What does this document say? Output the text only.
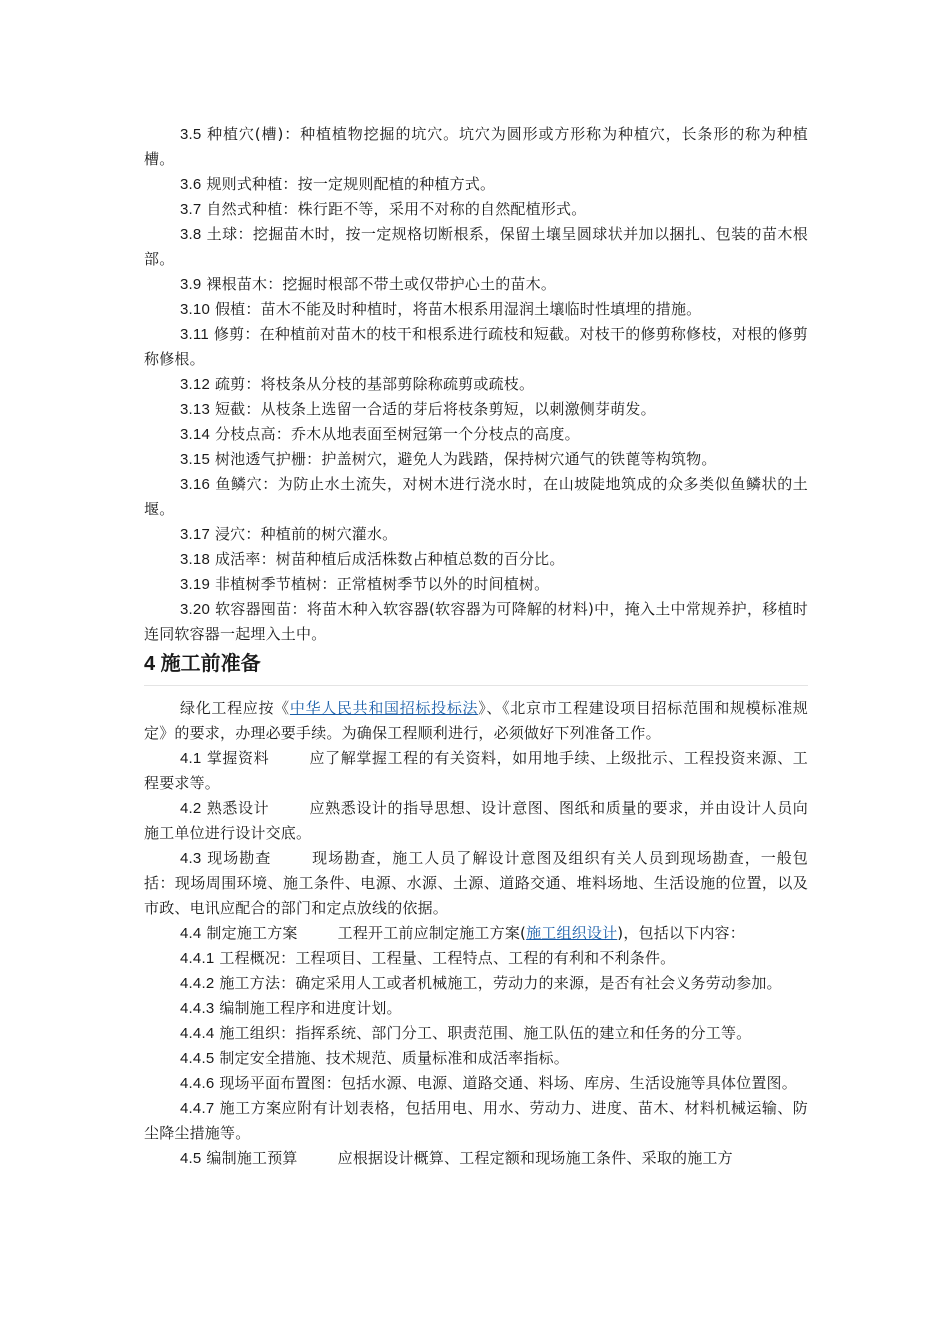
3.5 种植穴(槽)：种植植物挖掘的坑穴。坑穴为圆形或方形称为种植穴，长条形的称为种植槽。

3.6 规则式种植：按一定规则配植的种植方式。

3.7 自然式种植：株行距不等，采用不对称的自然配植形式。

3.8 土球：挖掘苗木时，按一定规格切断根系，保留土壤呈圆球状并加以捆扎、包装的苗木根部。

3.9 裸根苗木：挖掘时根部不带土或仅带护心土的苗木。

3.10 假植：苗木不能及时种植时，将苗木根系用湿润土壤临时性填埋的措施。

3.11 修剪：在种植前对苗木的枝干和根系进行疏枝和短截。对枝干的修剪称修枝，对根的修剪称修根。

3.12 疏剪：将枝条从分枝的基部剪除称疏剪或疏枝。

3.13 短截：从枝条上选留一合适的芽后将枝条剪短，以刺激侧芽萌发。

3.14 分枝点高：乔木从地表面至树冠第一个分枝点的高度。

3.15 树池透气护栅：护盖树穴，避免人为践踏，保持树穴通气的铁蓖等构筑物。

3.16 鱼鳞穴：为防止水土流失，对树木进行浇水时，在山坡陡地筑成的众多类似鱼鳞状的土堰。

3.17 浸穴：种植前的树穴灌水。

3.18 成活率：树苗种植后成活株数占种植总数的百分比。

3.19 非植树季节植树：正常植树季节以外的时间植树。

3.20 软容器囤苗：将苗木种入软容器(软容器为可降解的材料)中，掩入土中常规养护，移植时连同软容器一起埋入土中。

4 施工前准备

绿化工程应按《中华人民共和国招标投标法》、《北京市工程建设项目招标范围和规模标准规定》的要求，办理必要手续。为确保工程顺利进行，必须做好下列准备工作。

4.1 掌握资料	应了解掌握工程的有关资料，如用地手续、上级批示、工程投资来源、工程要求等。

4.2 熟悉设计	应熟悉设计的指导思想、设计意图、图纸和质量的要求，并由设计人员向施工单位进行设计交底。

4.3 现场勘查	现场勘查，施工人员了解设计意图及组织有关人员到现场勘查，一般包括：现场周围环境、施工条件、电源、水源、土源、道路交通、堆料场地、生活设施的位置，以及市政、电讯应配合的部门和定点放线的依据。

4.4 制定施工方案	工程开工前应制定施工方案(施工组织设计)，包括以下内容：

4.4.1 工程概况：工程项目、工程量、工程特点、工程的有利和不利条件。

4.4.2 施工方法：确定采用人工或者机械施工，劳动力的来源，是否有社会义务劳动参加。

4.4.3 编制施工程序和进度计划。

4.4.4 施工组织：指挥系统、部门分工、职责范围、施工队伍的建立和任务的分工等。

4.4.5 制定安全措施、技术规范、质量标准和成活率指标。

4.4.6 现场平面布置图：包括水源、电源、道路交通、料场、库房、生活设施等具体位置图。

4.4.7 施工方案应附有计划表格，包括用电、用水、劳动力、进度、苗木、材料机械运输、防尘降尘措施等。

4.5 编制施工预算	应根据设计概算、工程定额和现场施工条件、采取的施工方
